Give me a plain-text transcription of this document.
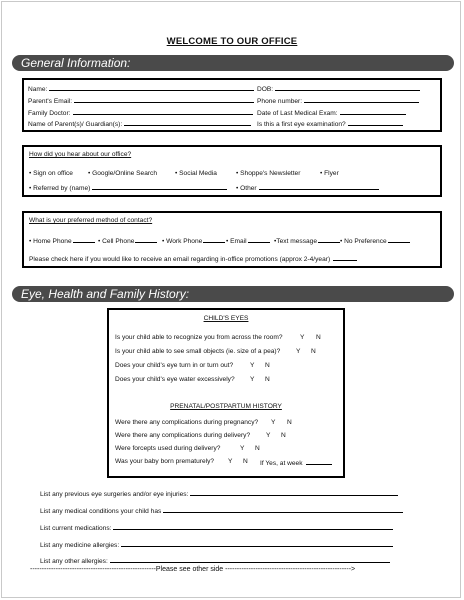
WELCOME TO OUR OFFICE
General Information:
Name:	DOB:
Parent's Email:	Phone number:
Family Doctor:	Date of Last Medical Exam:
Name of Parent(s)/ Guardian(s):	Is this a first eye examination?
How did you hear about our office?
• Sign on office • Google/Online Search	• Social Media	• Shoppe's Newsletter	• Flyer
• Referred by (name)	• Other
What is your preferred method of contact?
• Home Phone	• Cell Phone	• Work Phone	• Email	•Text message	• No Preference
Please check here if you would like to receive an email regarding in-office promotions (approx 2-4/year)
Eye, Health and Family History:
CHILD'S EYES
Is your child able to recognize you from across the room?	Y N
Is your child able to see small objects (ie. size of a pea)? Y N
Does your child's eye turn in or turn out?	Y N
Does your child's eye water excessively? Y N
PRENATAL/POSTPARTUM HISTORY
Were there any complications during pregnancy? Y N
Were there any complications during delivery? Y N
Were forcepts used during delivery?	Y N
Was your baby born prematurely? Y N If Yes, at week
List any previous eye surgeries and/or eye injuries:
List any medical conditions your child has
List current medications:
List any medicine allergies:
List any other allergies:
------------------------------------------------------Please see other side ------------------------------------------------------>
